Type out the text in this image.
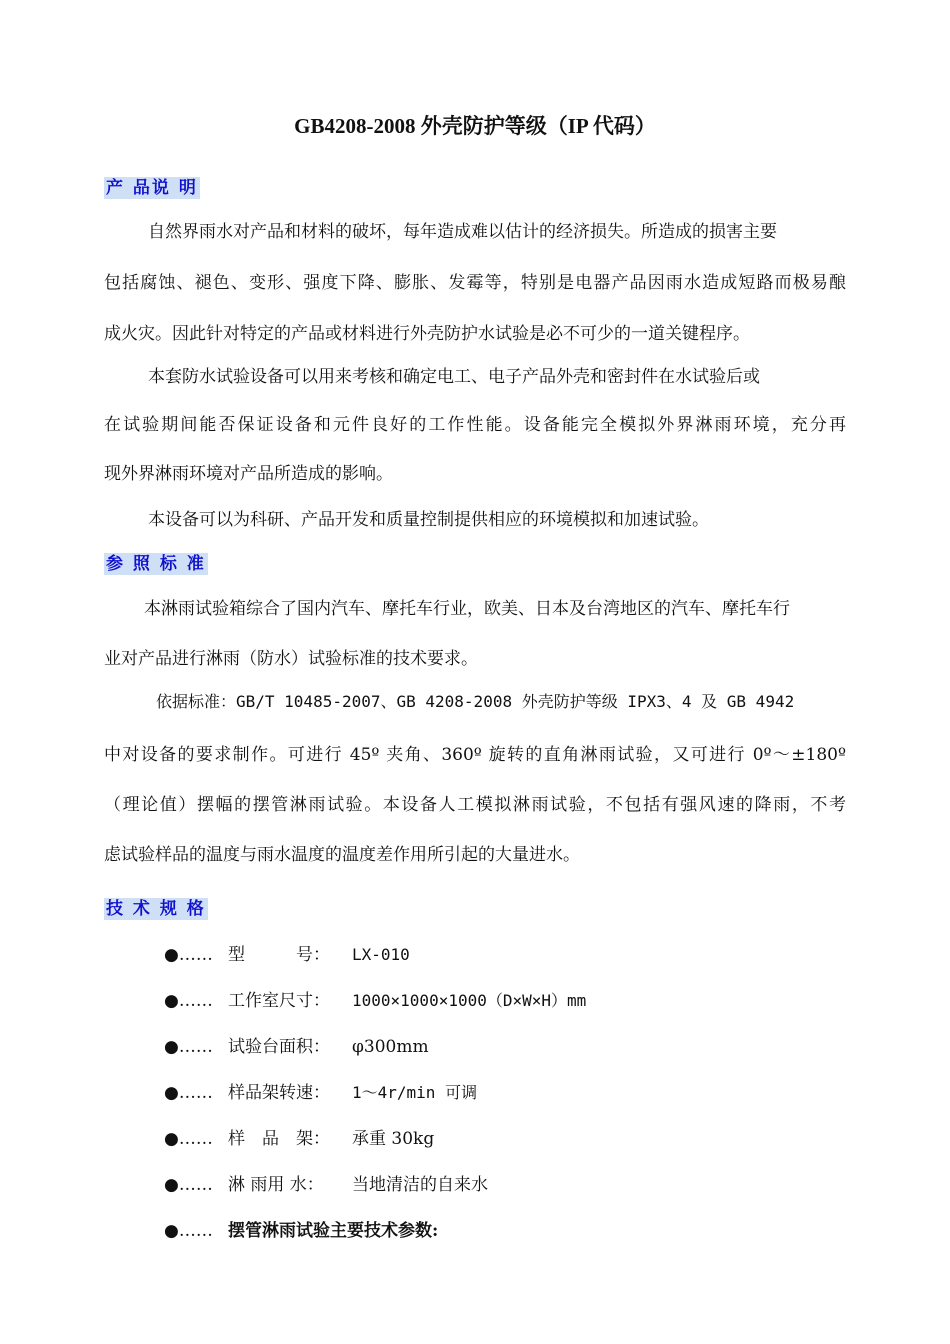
GB4208-2008 外壳防护等级（IP 代码）
产 品说 明
自然界雨水对产品和材料的破坏，每年造成难以估计的经济损失。所造成的损害主要
包括腐蚀、褪色、变形、强度下降、膨胀、发霉等，特别是电器产品因雨水造成短路而极易酿
成火灾。因此针对特定的产品或材料进行外壳防护水试验是必不可少的一道关键程序。
本套防水试验设备可以用来考核和确定电工、电子产品外壳和密封件在水试验后或
在试验期间能否保证设备和元件良好的工作性能。设备能完全模拟外界淋雨环境，充分再
现外界淋雨环境对产品所造成的影响。
本设备可以为科研、产品开发和质量控制提供相应的环境模拟和加速试验。
参 照 标 准
本淋雨试验箱综合了国内汽车、摩托车行业，欧美、日本及台湾地区的汽车、摩托车行
业对产品进行淋雨（防水）试验标准的技术要求。
依据标准：GB/T 10485-2007、GB 4208-2008 外壳防护等级 IPX3、4 及 GB 4942
中对设备的要求制作。可进行 45º 夹角、360º 旋转的直角淋雨试验，又可进行 0º～±180º
（理论值）摆幅的摆管淋雨试验。本设备人工模拟淋雨试验，不包括有强风速的降雨，不考
虑试验样品的温度与雨水温度的温度差作用所引起的大量进水。
技 术 规 格
●…… 型　　　号：	LX-010
●…… 工作室尺寸：	1000×1000×1000（D×W×H）mm
●…… 试验台面积：	φ300mm
●…… 样品架转速：	1～4r/min 可调
●…… 样　品　架：	承重 30kg
●…… 淋 雨用 水：	当地清洁的自来水
●…… 摆管淋雨试验主要技术参数:
